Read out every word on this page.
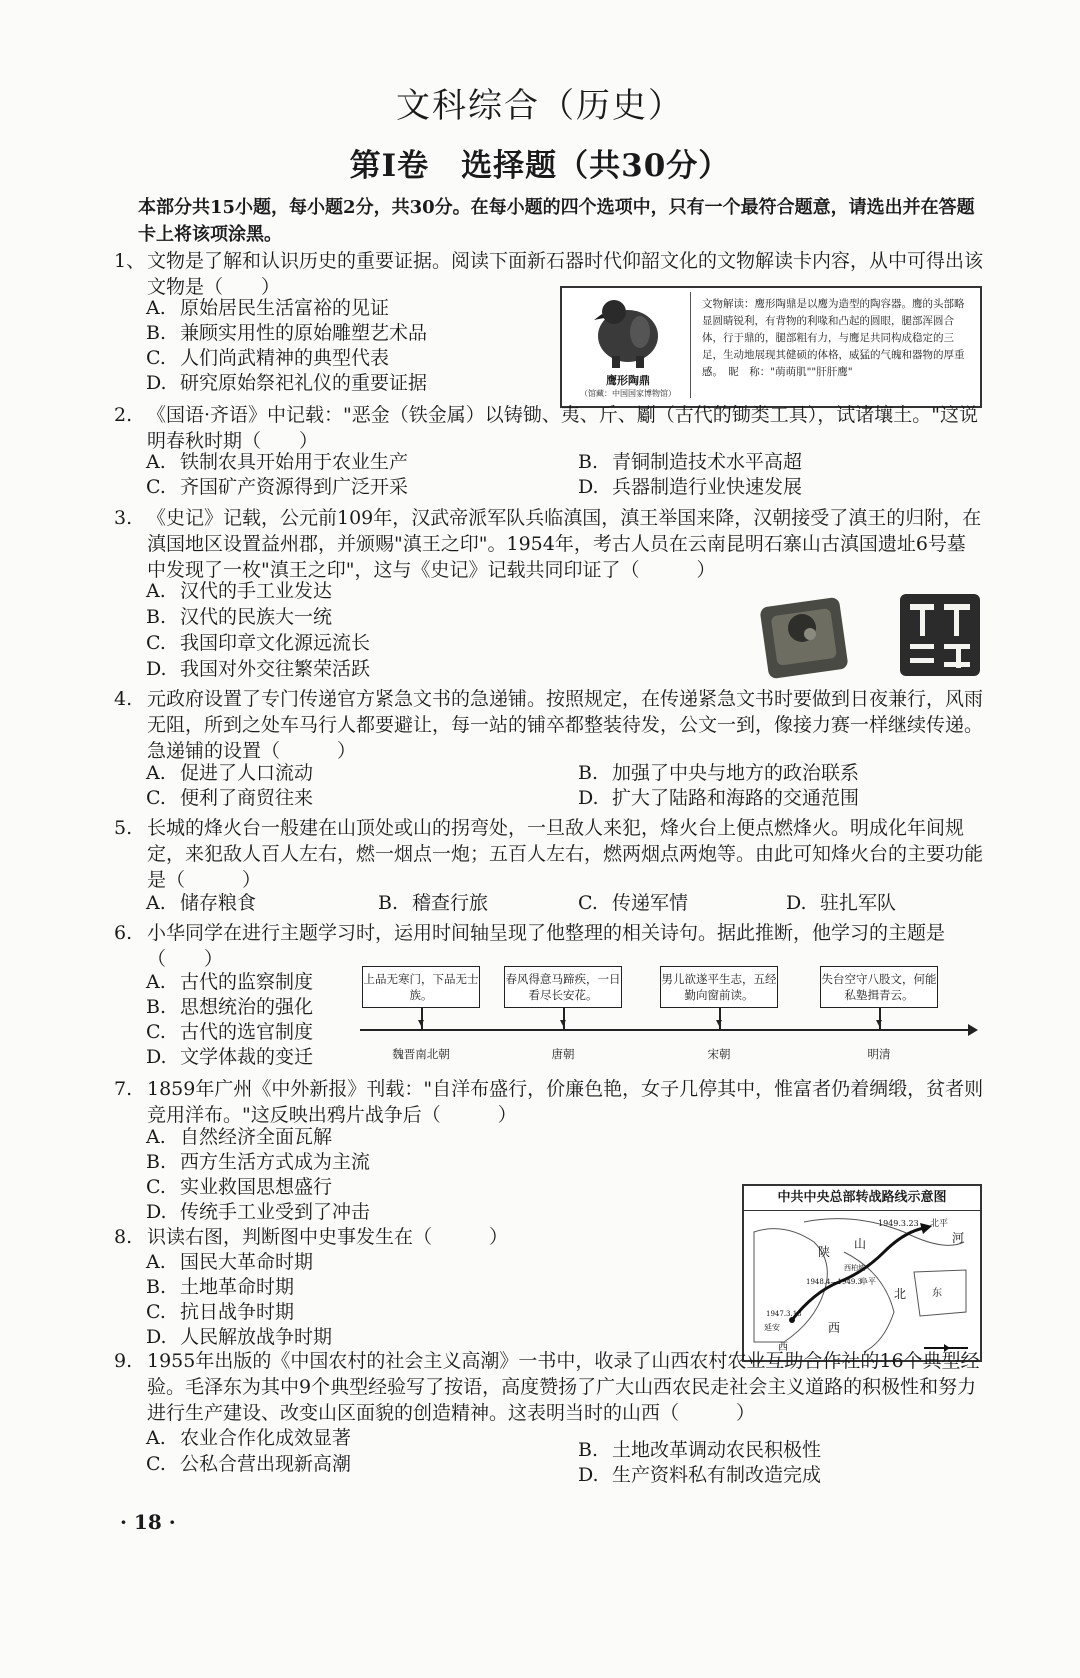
文科综合（历史）
第I卷　选择题（共30分）
本部分共15小题，每小题2分，共30分。在每小题的四个选项中，只有一个最符合题意，请选出并在答题卡上将该项涂黑。
1、 文物是了解和认识历史的重要证据。阅读下面新石器时代仰韶文化的文物解读卡内容，从中可得出该文物是（　　）
A. 原始居民生活富裕的见证
B. 兼顾实用性的原始雕塑艺术品
C. 人们尚武精神的典型代表
D. 研究原始祭祀礼仪的重要证据	鹰形陶鼎
（馆藏：中国国家博物馆）
文物解读：鹰形陶鼎是以鹰为造型的陶容器。鹰的头部略显圆睛锐利，有背物的利喙和凸起的圆眼，腿部浑圆合体，行于鼎的，腿部粗有力，与鹰足共同构成稳定的三足，生动地展现其健硕的体格，威猛的气魄和器物的厚重感。　昵　称："萌萌肌""肝肝鹰"
2. 《国语·齐语》中记载："恶金（铁金属）以铸锄、夷、斤、劚（古代的锄类工具），试诸壤土。"这说明春秋时期（　　）
A. 铁制农具开始用于农业生产	B. 青铜制造技术水平高超
C. 齐国矿产资源得到广泛开采	D. 兵器制造行业快速发展
3. 《史记》记载，公元前109年，汉武帝派军队兵临滇国，滇王举国来降，汉朝接受了滇王的归附，在滇国地区设置益州郡，并颁赐"滇王之印"。1954年，考古人员在云南昆明石寨山古滇国遗址6号墓中发现了一枚"滇王之印"，这与《史记》记载共同印证了（　　　）
A. 汉代的手工业发达
B. 汉代的民族大一统
C. 我国印章文化源远流长
D. 我国对外交往繁荣活跃
4. 元政府设置了专门传递官方紧急文书的急递铺。按照规定，在传递紧急文书时要做到日夜兼行，风雨无阻，所到之处车马行人都要避让，每一站的铺卒都整装待发，公文一到，像接力赛一样继续传递。急递铺的设置（　　　）
A. 促进了人口流动	B. 加强了中央与地方的政治联系
C. 便利了商贸往来	D. 扩大了陆路和海路的交通范围
5. 长城的烽火台一般建在山顶处或山的拐弯处，一旦敌人来犯，烽火台上便点燃烽火。明成化年间规定，来犯敌人百人左右，燃一烟点一炮；五百人左右，燃两烟点两炮等。由此可知烽火台的主要功能是（　　　）
A. 储存粮食	B. 稽查行旅	C. 传递军情	D. 驻扎军队
6. 小华同学在进行主题学习时，运用时间轴呈现了他整理的相关诗句。据此推断，他学习的主题是（　　）
A. 古代的监察制度
B. 思想统治的强化
C. 古代的选官制度
D. 文学体裁的变迁
上品无寒门，下品无士族。
春风得意马蹄疾，一日看尽长安花。
男儿欲遂平生志，五经勤向窗前读。
失台空守八股文，何能私塾揖青云。
魏晋南北朝	唐朝	宋朝	明清
7. 1859年广州《中外新报》刊载："自洋布盛行，价廉色艳，女子几停其中，惟富者仍着绸缎，贫者则竞用洋布。"这反映出鸦片战争后（　　　）
A. 自然经济全面瓦解
B. 西方生活方式成为主流
C. 实业救国思想盛行
D. 传统手工业受到了冲击
8. 识读右图，判断图中史事发生在（　　　）
A. 国民大革命时期
B. 土地革命时期
C. 抗日战争时期
D. 人民解放战争时期
中共中央总部转战路线示意图
1949.3.23 北平
河
陕
山
1948.4—1949.3
西柏坡
阜平
1947.3.18
延安
北
西
东
西
9. 1955年出版的《中国农村的社会主义高潮》一书中，收录了山西农村农业互助合作社的16个典型经验。毛泽东为其中9个典型经验写了按语，高度赞扬了广大山西农民走社会主义道路的积极性和努力进行生产建设、改变山区面貌的创造精神。这表明当时的山西（　　　）
A. 农业合作化成效显著
B. 土地改革调动农民积极性
C. 公私合营出现新高潮	D. 生产资料私有制改造完成
· 18 ·
